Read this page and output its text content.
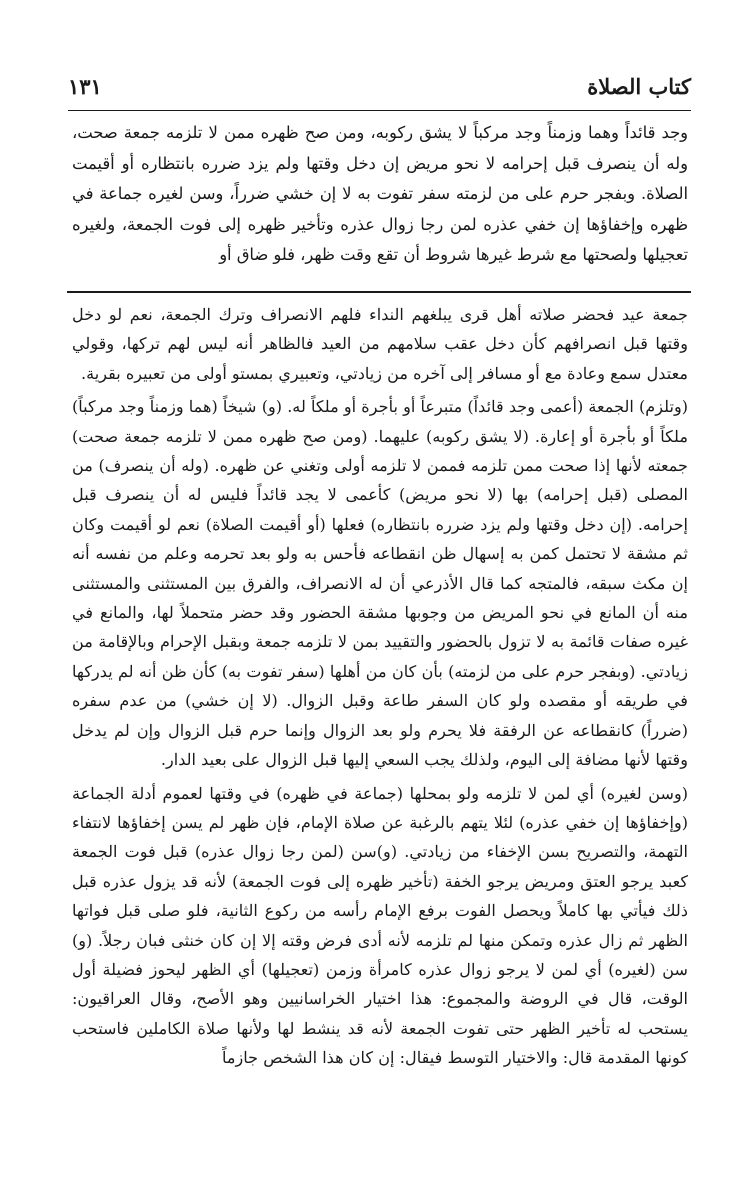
كتاب الصلاة
١٣١

وجد قائداً وهما وزمناً وجد مركباً لا يشق ركوبه، ومن صح ظهره ممن لا تلزمه جمعة صحت، وله أن ينصرف قبل إحرامه لا نحو مريض إن دخل وقتها ولم يزد ضرره بانتظاره أو أقيمت الصلاة. وبفجر حرم على من لزمته سفر تفوت به لا إن خشي ضرراً، وسن لغيره جماعة في ظهره وإخفاؤها إن خفي عذره لمن رجا زوال عذره وتأخير ظهره إلى فوت الجمعة، ولغيره تعجيلها ولصحتها مع شرط غيرها شروط أن تقع وقت ظهر، فلو ضاق أو

جمعة عيد فحضر صلاته أهل قرى يبلغهم النداء فلهم الانصراف وترك الجمعة، نعم لو دخل وقتها قبل انصرافهم كأن دخل عقب سلامهم من العيد فالظاهر أنه ليس لهم تركها، وقولي معتدل سمع وعادة مع أو مسافر إلى آخره من زيادتي، وتعبيري بمستو أولى من تعبيره بقرية.

(وتلزم) الجمعة (أعمى وجد قائداً) متبرعاً أو بأجرة أو ملكاً له. (و) شيخاً (هما وزمناً وجد مركباً) ملكاً أو بأجرة أو إعارة. (لا يشق ركوبه) عليهما. (ومن صح ظهره ممن لا تلزمه جمعة صحت) جمعته لأنها إذا صحت ممن تلزمه فممن لا تلزمه أولى وتغني عن ظهره. (وله أن ينصرف) من المصلى (قبل إحرامه) بها (لا نحو مريض) كأعمى لا يجد قائداً فليس له أن ينصرف قبل إحرامه. (إن دخل وقتها ولم يزد ضرره بانتظاره) فعلها (أو أقيمت الصلاة) نعم لو أقيمت وكان ثم مشقة لا تحتمل كمن به إسهال ظن انقطاعه فأحس به ولو بعد تحرمه وعلم من نفسه أنه إن مكث سبقه، فالمتجه كما قال الأذرعي أن له الانصراف، والفرق بين المستثنى والمستثنى منه أن المانع في نحو المريض من وجوبها مشقة الحضور وقد حضر متحملاً لها، والمانع في غيره صفات قائمة به لا تزول بالحضور والتقييد بمن لا تلزمه جمعة وبقبل الإحرام وبالإقامة من زيادتي. (وبفجر حرم على من لزمته) بأن كان من أهلها (سفر تفوت به) كأن ظن أنه لم يدركها في طريقه أو مقصده ولو كان السفر طاعة وقبل الزوال. (لا إن خشي) من عدم سفره (ضرراً) كانقطاعه عن الرفقة فلا يحرم ولو بعد الزوال وإنما حرم قبل الزوال وإن لم يدخل وقتها لأنها مضافة إلى اليوم، ولذلك يجب السعي إليها قبل الزوال على بعيد الدار.

(وسن لغيره) أي لمن لا تلزمه ولو بمحلها (جماعة في ظهره) في وقتها لعموم أدلة الجماعة (وإخفاؤها إن خفي عذره) لئلا يتهم بالرغبة عن صلاة الإمام، فإن ظهر لم يسن إخفاؤها لانتفاء التهمة، والتصريح بسن الإخفاء من زيادتي. (و)سن (لمن رجا زوال عذره) قبل فوت الجمعة كعبد يرجو العتق ومريض يرجو الخفة (تأخير ظهره إلى فوت الجمعة) لأنه قد يزول عذره قبل ذلك فيأتي بها كاملاً ويحصل الفوت برفع الإمام رأسه من ركوع الثانية، فلو صلى قبل فواتها الظهر ثم زال عذره وتمكن منها لم تلزمه لأنه أدى فرض وقته إلا إن كان خنثى فبان رجلاً. (و) سن (لغيره) أي لمن لا يرجو زوال عذره كامرأة وزمن (تعجيلها) أي الظهر ليحوز فضيلة أول الوقت، قال في الروضة والمجموع: هذا اختيار الخراسانيين وهو الأصح، وقال العراقيون: يستحب له تأخير الظهر حتى تفوت الجمعة لأنه قد ينشط لها ولأنها صلاة الكاملين فاستحب كونها المقدمة قال: والاختيار التوسط فيقال: إن كان هذا الشخص جازماً
